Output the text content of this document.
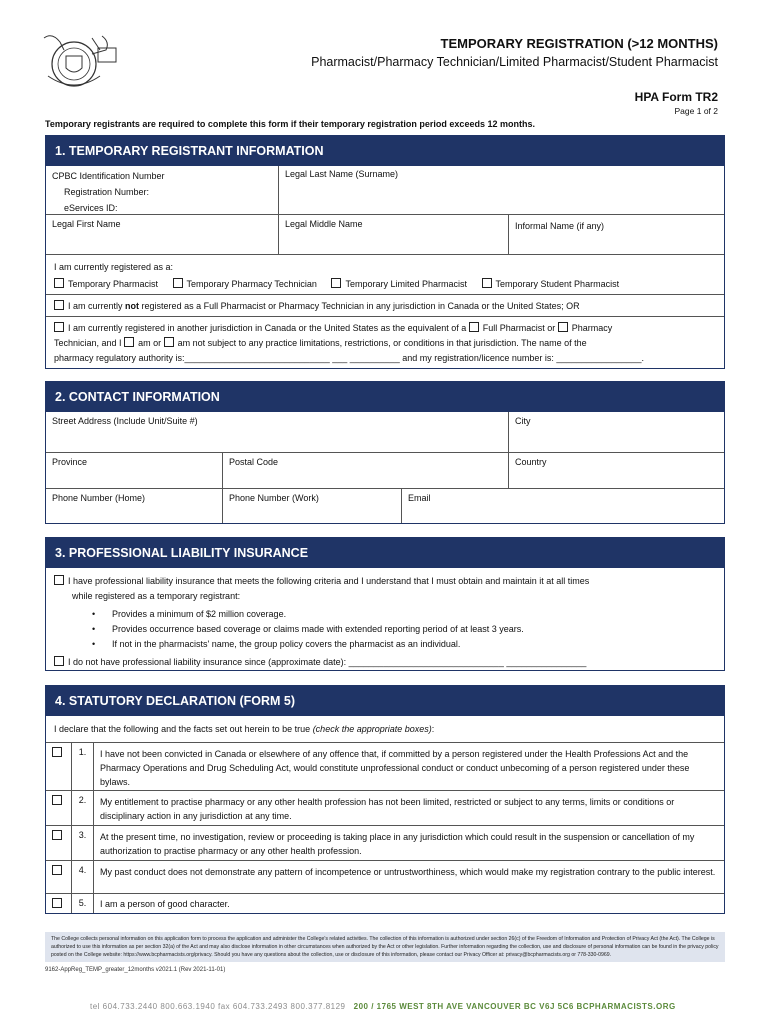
TEMPORARY REGISTRATION (>12 MONTHS)
Pharmacist/Pharmacy Technician/Limited Pharmacist/Student Pharmacist
HPA Form TR2
Page 1 of 2
Temporary registrants are required to complete this form if their temporary registration period exceeds 12 months.
1. TEMPORARY REGISTRANT INFORMATION
CPBC Identification Number
Registration Number:
eServices ID:
Legal Last Name (Surname)
Legal First Name	Legal Middle Name	Informal Name (if any)
I am currently registered as a:
Temporary Pharmacist	Temporary Pharmacy Technician	Temporary Limited Pharmacist	Temporary Student Pharmacist
I am currently not registered as a Full Pharmacist or Pharmacy Technician in any jurisdiction in Canada or the United States; OR
I am currently registered in another jurisdiction in Canada or the United States as the equivalent of a Full Pharmacist or Pharmacy
Technician, and I am or am not subject to any practice limitations, restrictions, or conditions in that jurisdiction. The name of the
pharmacy regulatory authority is:_____________________________ ___ __________ and my registration/licence number is: _________________.
2. CONTACT INFORMATION
Street Address (Include Unit/Suite #)	City
Province	Postal Code	Country
Phone Number (Home)	Phone Number (Work)	Email
3. PROFESSIONAL LIABILITY INSURANCE
I have professional liability insurance that meets the following criteria and I understand that I must obtain and maintain it at all times
while registered as a temporary registrant:
• Provides a minimum of $2 million coverage.
• Provides occurrence based coverage or claims made with extended reporting period of at least 3 years.
• If not in the pharmacists' name, the group policy covers the pharmacist as an individual.
I do not have professional liability insurance since (approximate date): _______________________________ ________________
4. STATUTORY DECLARATION (FORM 5)
I declare that the following and the facts set out herein to be true (check the appropriate boxes):
1.	I have not been convicted in Canada or elsewhere of any offence that, if committed by a person registered under the Health Professions Act and the Pharmacy Operations and Drug Scheduling Act, would constitute unprofessional conduct or conduct unbecoming of a person registered under these bylaws.
2.	My entitlement to practise pharmacy or any other health profession has not been limited, restricted or subject to any terms, limits or conditions or disciplinary action in any jurisdiction at any time.
3.	At the present time, no investigation, review or proceeding is taking place in any jurisdiction which could result in the suspension or cancellation of my authorization to practise pharmacy or any other health profession.
4.	My past conduct does not demonstrate any pattern of incompetence or untrustworthiness, which would make my registration contrary to the public interest.
5.	I am a person of good character.
The College collects personal information on this application form to process the application and administer the College's related activities. The collection of this information is authorized under section 26(c) of the Freedom of Information and Protection of Privacy Act (the Act). The College is authorized to use this information as per section 32(a) of the Act and may also disclose information in other circumstances when authorized by the Act or other legislation. Further information regarding the collection, use and disclosure of personal information can be found in the privacy policy posted on the College website: https://www.bcpharmacists.org/privacy. Should you have any questions about the collection, use or disclosure of this information, please contact our Privacy Officer at: privacy@bcpharmacists.org or 778-330-0969.
9162-AppReg_TEMP_greater_12months v2021.1 (Rev 2021-11-01)
tel 604.733.2440 800.663.1940 fax 604.733.2493 800.377.8129 200 / 1765 WEST 8TH AVE VANCOUVER BC V6J 5C6 BCPHARMACISTS.ORG
